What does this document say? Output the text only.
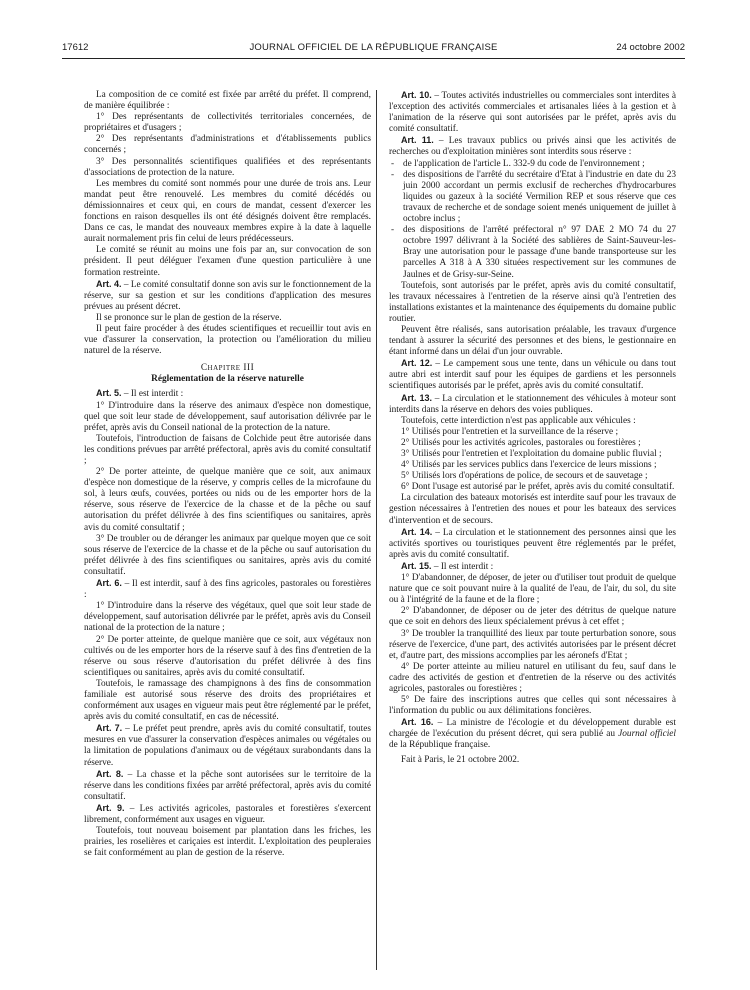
17612	JOURNAL OFFICIEL DE LA RÉPUBLIQUE FRANÇAISE	24 octobre 2002

La composition de ce comité est fixée par arrêté du préfet. Il comprend, de manière équilibrée :

1° Des représentants de collectivités territoriales concernées, de propriétaires et d'usagers ;

2° Des représentants d'administrations et d'établissements publics concernés ;

3° Des personnalités scientifiques qualifiées et des représentants d'associations de protection de la nature.

Les membres du comité sont nommés pour une durée de trois ans. Leur mandat peut être renouvelé. Les membres du comité décédés ou démissionnaires et ceux qui, en cours de mandat, cessent d'exercer les fonctions en raison desquelles ils ont été désignés doivent être remplacés. Dans ce cas, le mandat des nouveaux membres expire à la date à laquelle aurait normalement pris fin celui de leurs prédécesseurs.

Le comité se réunit au moins une fois par an, sur convocation de son président. Il peut déléguer l'examen d'une question particulière à une formation restreinte.

Art. 4. – Le comité consultatif donne son avis sur le fonctionnement de la réserve, sur sa gestion et sur les conditions d'application des mesures prévues au présent décret.

Il se prononce sur le plan de gestion de la réserve.

Il peut faire procéder à des études scientifiques et recueillir tout avis en vue d'assurer la conservation, la protection ou l'amélioration du milieu naturel de la réserve.

Chapitre III

Réglementation de la réserve naturelle

Art. 5. – Il est interdit :

1° D'introduire dans la réserve des animaux d'espèce non domestique, quel que soit leur stade de développement, sauf autorisation délivrée par le préfet, après avis du Conseil national de la protection de la nature.

Toutefois, l'introduction de faisans de Colchide peut être autorisée dans les conditions prévues par arrêté préfectoral, après avis du comité consultatif ;

2° De porter atteinte, de quelque manière que ce soit, aux animaux d'espèce non domestique de la réserve, y compris celles de la microfaune du sol, à leurs œufs, couvées, portées ou nids ou de les emporter hors de la réserve, sous réserve de l'exercice de la chasse et de la pêche ou sauf autorisation du préfet délivrée à des fins scientifiques ou sanitaires, après avis du comité consultatif ;

3° De troubler ou de déranger les animaux par quelque moyen que ce soit sous réserve de l'exercice de la chasse et de la pêche ou sauf autorisation du préfet délivrée à des fins scientifiques ou sanitaires, après avis du comité consultatif.

Art. 6. – Il est interdit, sauf à des fins agricoles, pastorales ou forestières :

1° D'introduire dans la réserve des végétaux, quel que soit leur stade de développement, sauf autorisation délivrée par le préfet, après avis du Conseil national de la protection de la nature ;

2° De porter atteinte, de quelque manière que ce soit, aux végétaux non cultivés ou de les emporter hors de la réserve sauf à des fins d'entretien de la réserve ou sous réserve d'autorisation du préfet délivrée à des fins scientifiques ou sanitaires, après avis du comité consultatif.

Toutefois, le ramassage des champignons à des fins de consommation familiale est autorisé sous réserve des droits des propriétaires et conformément aux usages en vigueur mais peut être réglementé par le préfet, après avis du comité consultatif, en cas de nécessité.

Art. 7. – Le préfet peut prendre, après avis du comité consultatif, toutes mesures en vue d'assurer la conservation d'espèces animales ou végétales ou la limitation de populations d'animaux ou de végétaux surabondants dans la réserve.

Art. 8. – La chasse et la pêche sont autorisées sur le territoire de la réserve dans les conditions fixées par arrêté préfectoral, après avis du comité consultatif.

Art. 9. – Les activités agricoles, pastorales et forestières s'exercent librement, conformément aux usages en vigueur.

Toutefois, tout nouveau boisement par plantation dans les friches, les prairies, les roselières et cariçaies est interdit. L'exploitation des peupleraies se fait conformément au plan de gestion de la réserve.

Art. 10. – Toutes activités industrielles ou commerciales sont interdites à l'exception des activités commerciales et artisanales liées à la gestion et à l'animation de la réserve qui sont autorisées par le préfet, après avis du comité consultatif.

Art. 11. – Les travaux publics ou privés ainsi que les activités de recherches ou d'exploitation minières sont interdits sous réserve :

- de l'application de l'article L. 332-9 du code de l'environnement ;
- des dispositions de l'arrêté du secrétaire d'Etat à l'industrie en date du 23 juin 2000 accordant un permis exclusif de recherches d'hydrocarbures liquides ou gazeux à la société Vermilion REP et sous réserve que ces travaux de recherche et de sondage soient menés uniquement de juillet à octobre inclus ;
- des dispositions de l'arrêté préfectoral n° 97 DAE 2 MO 74 du 27 octobre 1997 délivrant à la Société des sablières de Saint-Sauveur-les-Bray une autorisation pour le passage d'une bande transporteuse sur les parcelles A 318 à A 330 situées respectivement sur les communes de Jaulnes et de Grisy-sur-Seine.

Toutefois, sont autorisés par le préfet, après avis du comité consultatif, les travaux nécessaires à l'entretien de la réserve ainsi qu'à l'entretien des installations existantes et la maintenance des équipements du domaine public routier.

Peuvent être réalisés, sans autorisation préalable, les travaux d'urgence tendant à assurer la sécurité des personnes et des biens, le gestionnaire en étant informé dans un délai d'un jour ouvrable.

Art. 12. – Le campement sous une tente, dans un véhicule ou dans tout autre abri est interdit sauf pour les équipes de gardiens et les personnels scientifiques autorisés par le préfet, après avis du comité consultatif.

Art. 13. – La circulation et le stationnement des véhicules à moteur sont interdits dans la réserve en dehors des voies publiques.

Toutefois, cette interdiction n'est pas applicable aux véhicules :

1° Utilisés pour l'entretien et la surveillance de la réserve ;

2° Utilisés pour les activités agricoles, pastorales ou forestières ;

3° Utilisés pour l'entretien et l'exploitation du domaine public fluvial ;

4° Utilisés par les services publics dans l'exercice de leurs missions ;

5° Utilisés lors d'opérations de police, de secours et de sauvetage ;

6° Dont l'usage est autorisé par le préfet, après avis du comité consultatif.

La circulation des bateaux motorisés est interdite sauf pour les travaux de gestion nécessaires à l'entretien des noues et pour les bateaux des services d'intervention et de secours.

Art. 14. – La circulation et le stationnement des personnes ainsi que les activités sportives ou touristiques peuvent être réglementés par le préfet, après avis du comité consultatif.

Art. 15. – Il est interdit :

1° D'abandonner, de déposer, de jeter ou d'utiliser tout produit de quelque nature que ce soit pouvant nuire à la qualité de l'eau, de l'air, du sol, du site ou à l'intégrité de la faune et de la flore ;

2° D'abandonner, de déposer ou de jeter des détritus de quelque nature que ce soit en dehors des lieux spécialement prévus à cet effet ;

3° De troubler la tranquillité des lieux par toute perturbation sonore, sous réserve de l'exercice, d'une part, des activités autorisées par le présent décret et, d'autre part, des missions accomplies par les aéronefs d'Etat ;

4° De porter atteinte au milieu naturel en utilisant du feu, sauf dans le cadre des activités de gestion et d'entretien de la réserve ou des activités agricoles, pastorales ou forestières ;

5° De faire des inscriptions autres que celles qui sont nécessaires à l'information du public ou aux délimitations foncières.

Art. 16. – La ministre de l'écologie et du développement durable est chargée de l'exécution du présent décret, qui sera publié au Journal officiel de la République française.

Fait à Paris, le 21 octobre 2002.
